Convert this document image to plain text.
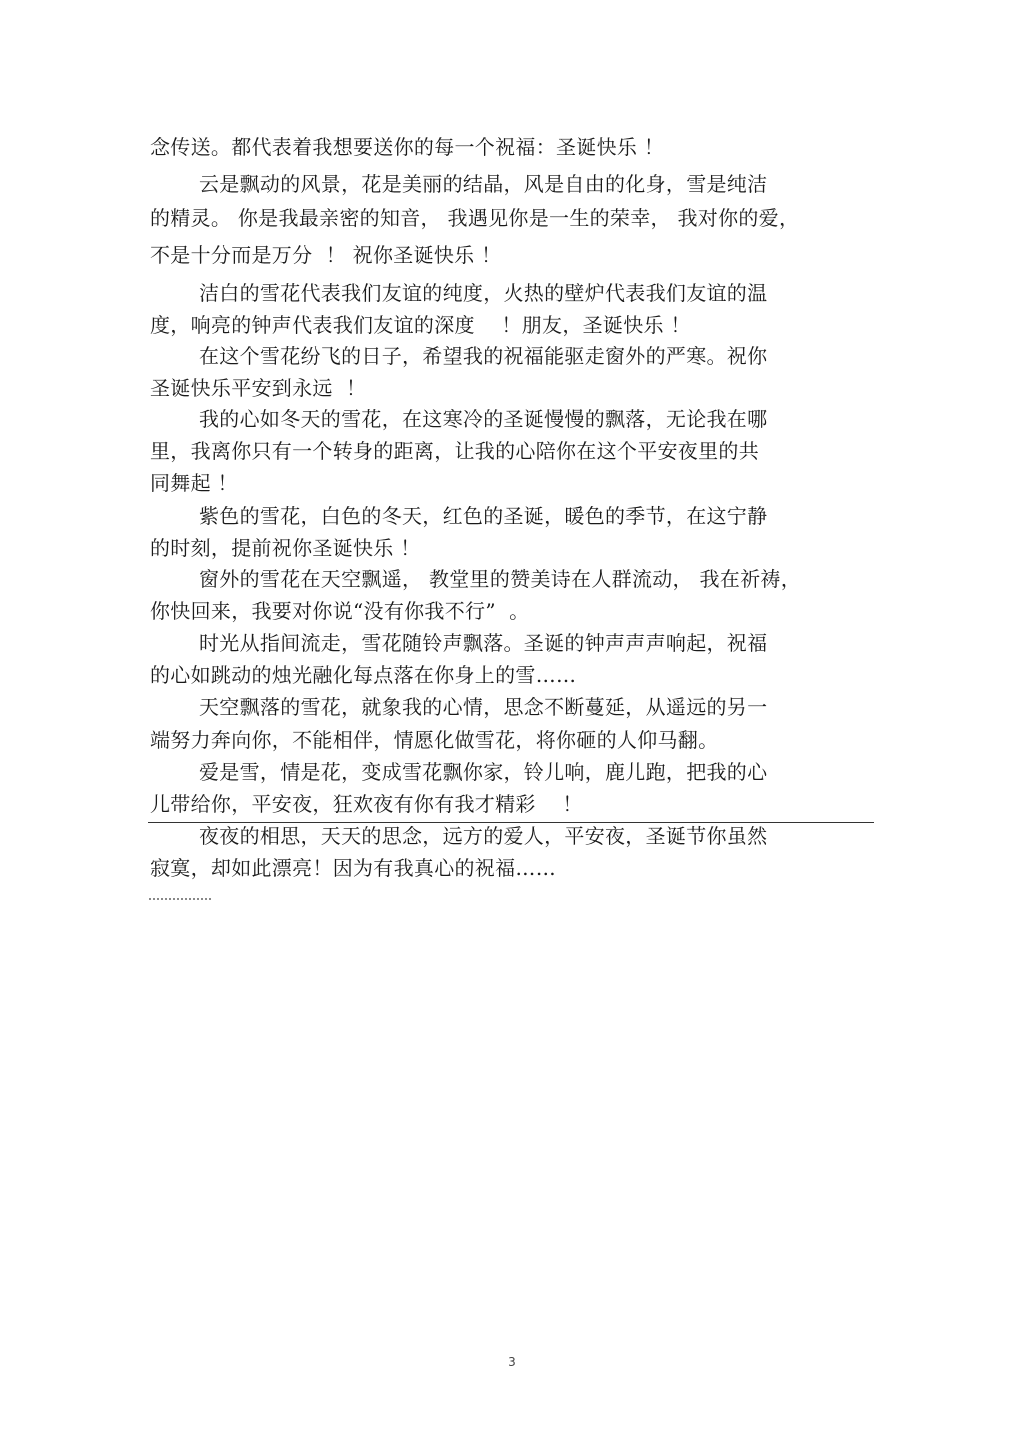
念传送。都代表着我想要送你的每一个祝福：圣诞快乐 ！
云是飘动的风景，花是美丽的结晶，风是自由的化身，雪是纯洁
的精灵。 你是我最亲密的知音， 我遇见你是一生的荣幸， 我对你的爱，
不是十分而是万分  ！ 祝你圣诞快乐 ！
洁白的雪花代表我们友谊的纯度，火热的壁炉代表我们友谊的温
度，响亮的钟声代表我们友谊的深度    ！朋友，圣诞快乐 ！
在这个雪花纷飞的日子，希望我的祝福能驱走窗外的严寒。祝你
圣诞快乐平安到永远  ！
我的心如冬天的雪花，在这寒冷的圣诞慢慢的飘落，无论我在哪
里，我离你只有一个转身的距离，让我的心陪你在这个平安夜里的共
同舞起 ！
紫色的雪花，白色的冬天，红色的圣诞，暖色的季节，在这宁静
的时刻，提前祝你圣诞快乐 ！
窗外的雪花在天空飘遥， 教堂里的赞美诗在人群流动， 我在祈祷，
你快回来，我要对你说“没有你我不行”  。
时光从指间流走，雪花随铃声飘落。圣诞的钟声声声响起，祝福
的心如跳动的烛光融化每点落在你身上的雪……
天空飘落的雪花，就象我的心情，思念不断蔓延，从遥远的另一
端努力奔向你，不能相伴，情愿化做雪花，将你砸的人仰马翻。
爱是雪，情是花，变成雪花飘你家，铃儿响，鹿儿跑，把我的心
儿带给你，平安夜，狂欢夜有你有我才精彩    ！
夜夜的相思，天天的思念，远方的爱人，平安夜，圣诞节你虽然
寂寞，却如此漂亮！因为有我真心的祝福……
3
